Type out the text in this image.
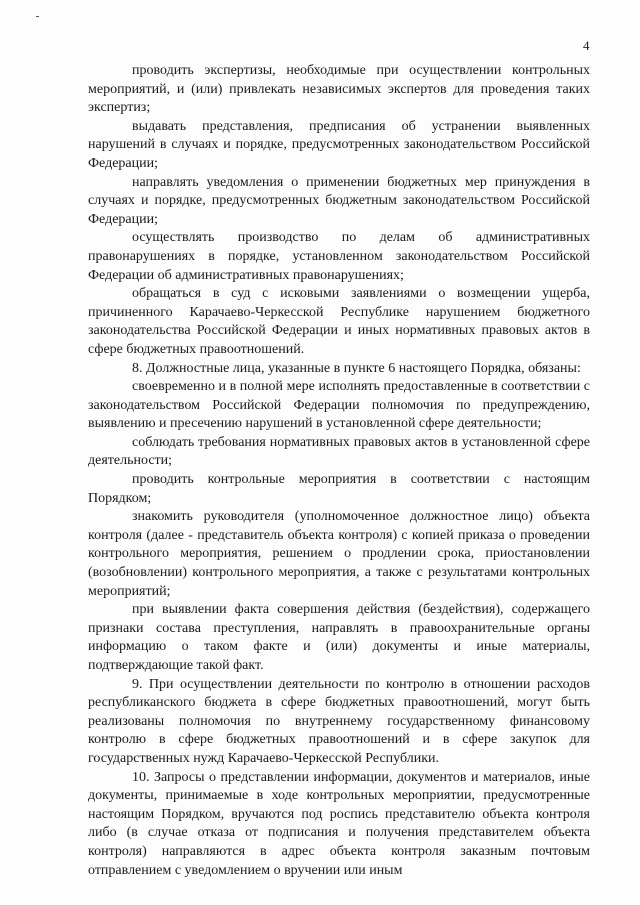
4

проводить экспертизы, необходимые при осуществлении контрольных мероприятий, и (или) привлекать независимых экспертов для проведения таких экспертиз;

выдавать представления, предписания об устранении выявленных нарушений в случаях и порядке, предусмотренных законодательством Российской Федерации;

направлять уведомления о применении бюджетных мер принуждения в случаях и порядке, предусмотренных бюджетным законодательством Российской Федерации;

осуществлять производство по делам об административных правонарушениях в порядке, установленном законодательством Российской Федерации об административных правонарушениях;

обращаться в суд с исковыми заявлениями о возмещении ущерба, причиненного Карачаево-Черкесской Республике нарушением бюджетного законодательства Российской Федерации и иных нормативных правовых актов в сфере бюджетных правоотношений.

8. Должностные лица, указанные в пункте 6 настоящего Порядка, обязаны:

своевременно и в полной мере исполнять предоставленные в соответствии с законодательством Российской Федерации полномочия по предупреждению, выявлению и пресечению нарушений в установленной сфере деятельности;

соблюдать требования нормативных правовых актов в установленной сфере деятельности;

проводить контрольные мероприятия в соответствии с настоящим Порядком;

знакомить руководителя (уполномоченное должностное лицо) объекта контроля (далее - представитель объекта контроля) с копией приказа о проведении контрольного мероприятия, решением о продлении срока, приостановлении (возобновлении) контрольного мероприятия, а также с результатами контрольных мероприятий;

при выявлении факта совершения действия (бездействия), содержащего признаки состава преступления, направлять в правоохранительные органы информацию о таком факте и (или) документы и иные материалы, подтверждающие такой факт.

9. При осуществлении деятельности по контролю в отношении расходов республиканского бюджета в сфере бюджетных правоотношений, могут быть реализованы полномочия по внутреннему государственному финансовому контролю в сфере бюджетных правоотношений и в сфере закупок для государственных нужд Карачаево-Черкесской Республики.

10. Запросы о представлении информации, документов и материалов, иные документы, принимаемые в ходе контрольных мероприятии, предусмотренные настоящим Порядком, вручаются под роспись представителю объекта контроля либо (в случае отказа от подписания и получения представителем объекта контроля) направляются в адрес объекта контроля заказным почтовым отправлением с уведомлением о вручении или иным
